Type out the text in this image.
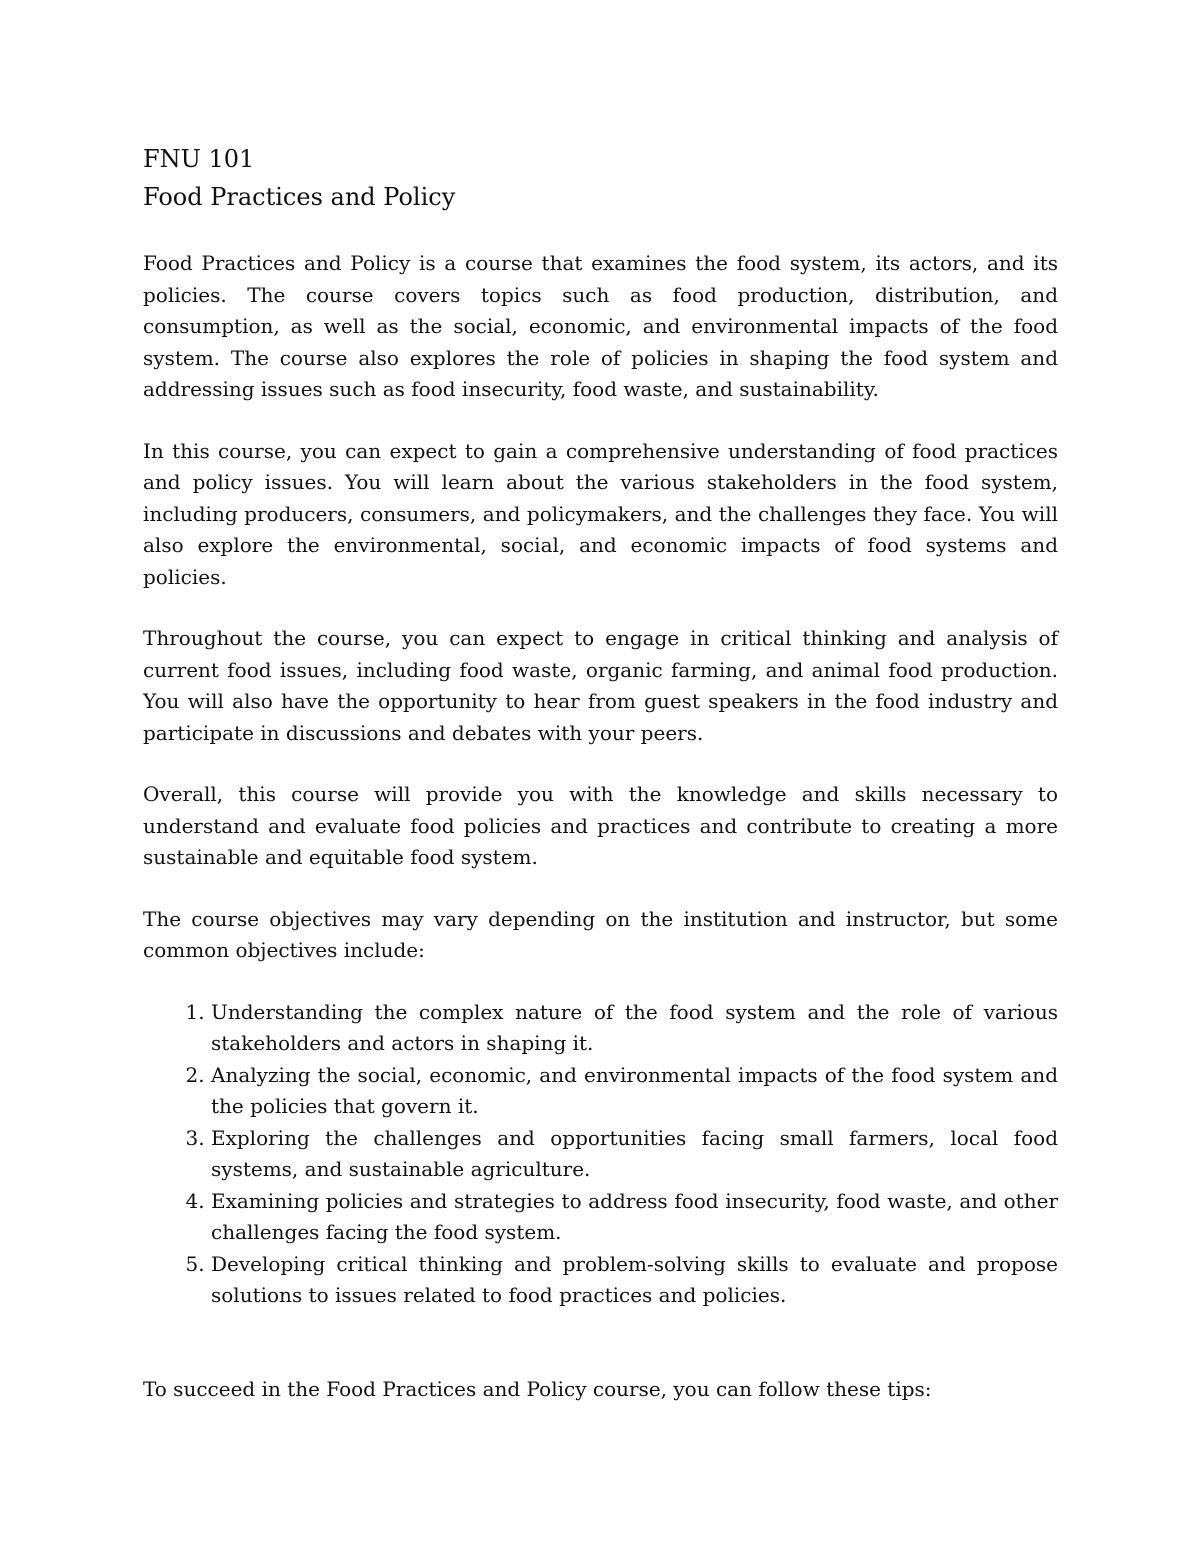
FNU 101
Food Practices and Policy

Food Practices and Policy is a course that examines the food system, its actors, and its policies. The course covers topics such as food production, distribution, and consumption, as well as the social, economic, and environmental impacts of the food system. The course also explores the role of policies in shaping the food system and addressing issues such as food insecurity, food waste, and sustainability.

In this course, you can expect to gain a comprehensive understanding of food practices and policy issues. You will learn about the various stakeholders in the food system, including producers, consumers, and policymakers, and the challenges they face. You will also explore the environmental, social, and economic impacts of food systems and policies.

Throughout the course, you can expect to engage in critical thinking and analysis of current food issues, including food waste, organic farming, and animal food production. You will also have the opportunity to hear from guest speakers in the food industry and participate in discussions and debates with your peers.

Overall, this course will provide you with the knowledge and skills necessary to understand and evaluate food policies and practices and contribute to creating a more sustainable and equitable food system.

The course objectives may vary depending on the institution and instructor, but some common objectives include:

1. Understanding the complex nature of the food system and the role of various stakeholders and actors in shaping it.
2. Analyzing the social, economic, and environmental impacts of the food system and the policies that govern it.
3. Exploring the challenges and opportunities facing small farmers, local food systems, and sustainable agriculture.
4. Examining policies and strategies to address food insecurity, food waste, and other challenges facing the food system.
5. Developing critical thinking and problem-solving skills to evaluate and propose solutions to issues related to food practices and policies.

To succeed in the Food Practices and Policy course, you can follow these tips:
